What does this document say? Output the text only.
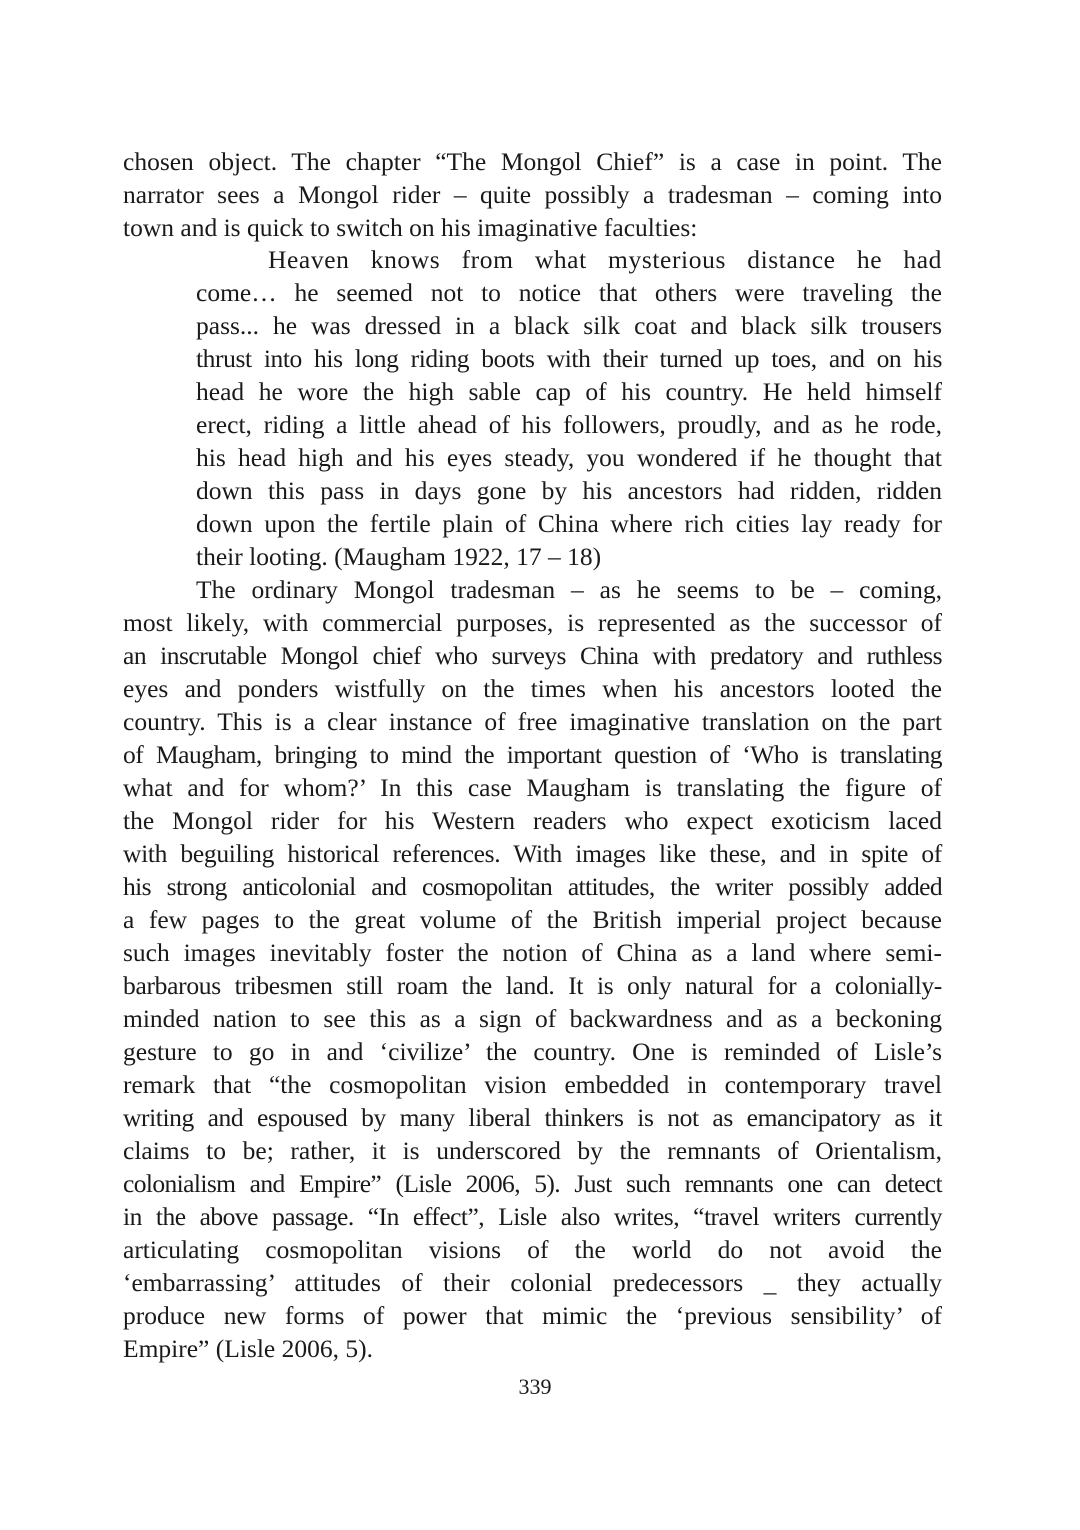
chosen object. The chapter “The Mongol Chief” is a case in point. The
narrator sees a Mongol rider – quite possibly a tradesman – coming into
town and is quick to switch on his imaginative faculties:
Heaven knows from what mysterious distance he had
come… he seemed not to notice that others were traveling the
pass... he was dressed in a black silk coat and black silk trousers
thrust into his long riding boots with their turned up toes, and on his
head he wore the high sable cap of his country. He held himself
erect, riding a little ahead of his followers, proudly, and as he rode,
his head high and his eyes steady, you wondered if he thought that
down this pass in days gone by his ancestors had ridden, ridden
down upon the fertile plain of China where rich cities lay ready for
their looting. (Maugham 1922, 17 – 18)
The ordinary Mongol tradesman – as he seems to be – coming,
most likely, with commercial purposes, is represented as the successor of
an inscrutable Mongol chief who surveys China with predatory and ruthless
eyes and ponders wistfully on the times when his ancestors looted the
country. This is a clear instance of free imaginative translation on the part
of Maugham, bringing to mind the important question of ‘Who is translating
what and for whom?’ In this case Maugham is translating the figure of
the Mongol rider for his Western readers who expect exoticism laced
with beguiling historical references. With images like these, and in spite of
his strong anticolonial and cosmopolitan attitudes, the writer possibly added
a few pages to the great volume of the British imperial project because
such images inevitably foster the notion of China as a land where semi-
barbarous tribesmen still roam the land. It is only natural for a colonially-
minded nation to see this as a sign of backwardness and as a beckoning
gesture to go in and ‘civilize’ the country. One is reminded of Lisle’s
remark that “the cosmopolitan vision embedded in contemporary travel
writing and espoused by many liberal thinkers is not as emancipatory as it
claims to be; rather, it is underscored by the remnants of Orientalism,
colonialism and Empire” (Lisle 2006, 5). Just such remnants one can detect
in the above passage. “In effect”, Lisle also writes, “travel writers currently
articulating cosmopolitan visions of the world do not avoid the
‘embarrassing’ attitudes of their colonial predecessors _ they actually
produce new forms of power that mimic the ‘previous sensibility’ of
Empire” (Lisle 2006, 5).
339
